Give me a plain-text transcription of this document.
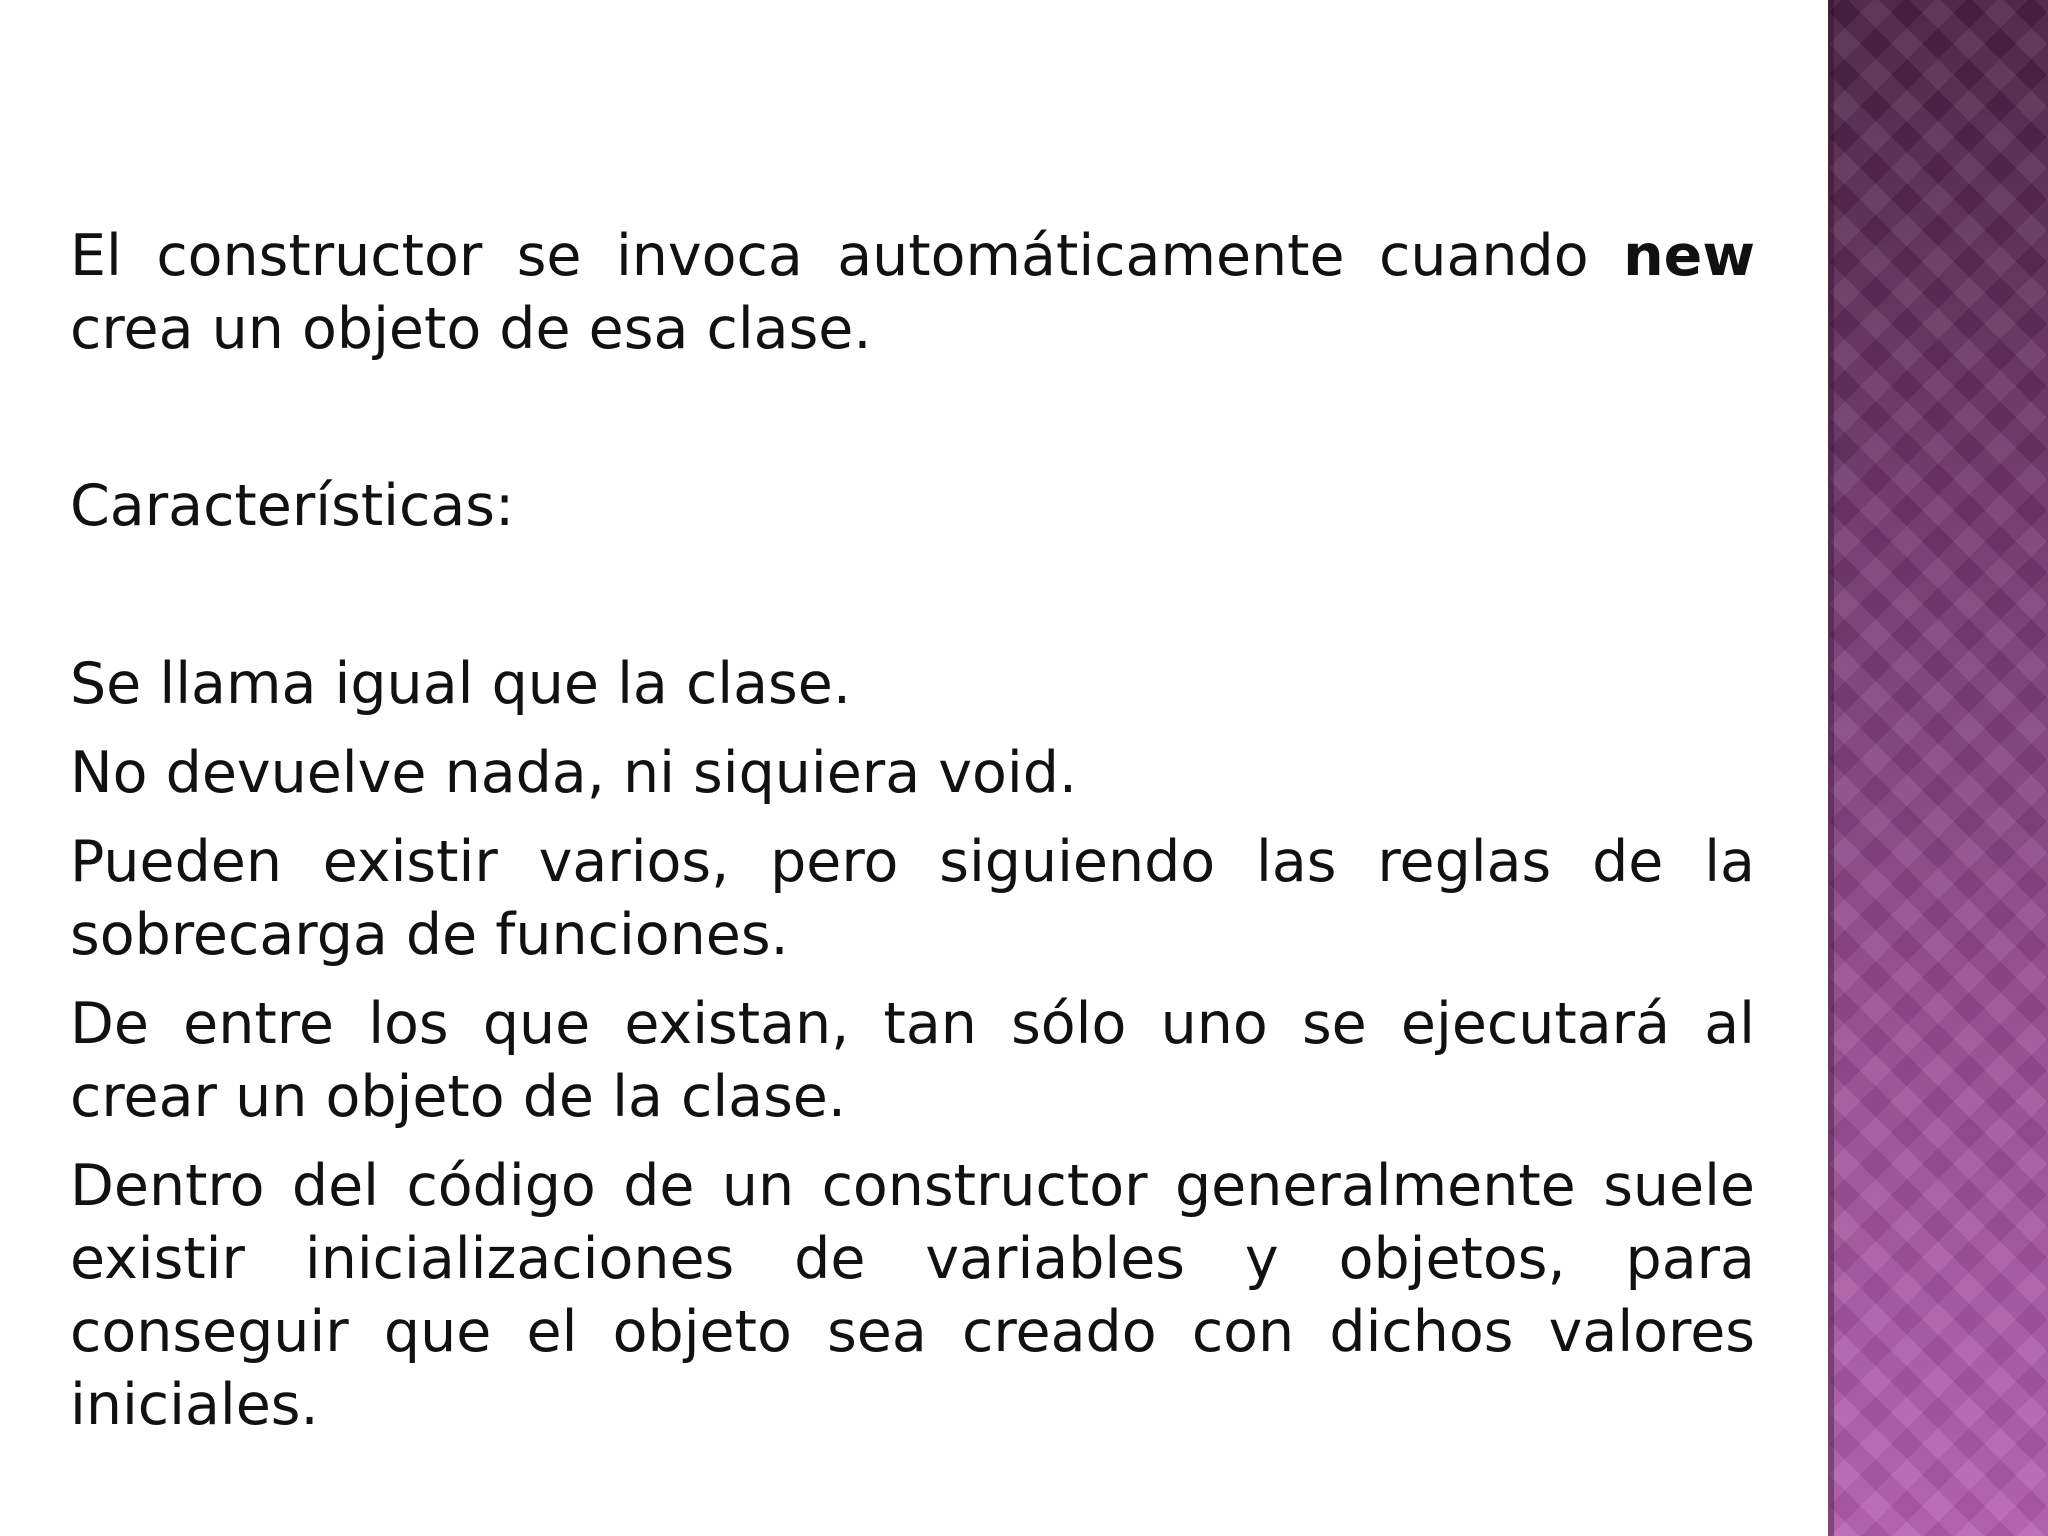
El constructor se invoca automáticamente cuando new crea un objeto de esa clase.

Características:

Se llama igual que la clase.

No devuelve nada, ni siquiera void.

Pueden existir varios, pero siguiendo las reglas de la sobrecarga de funciones.

De entre los que existan, tan sólo uno se ejecutará al crear un objeto de la clase.

Dentro del código de un constructor generalmente suele existir inicializaciones de variables y objetos, para conseguir que el objeto sea creado con dichos valores iniciales.
